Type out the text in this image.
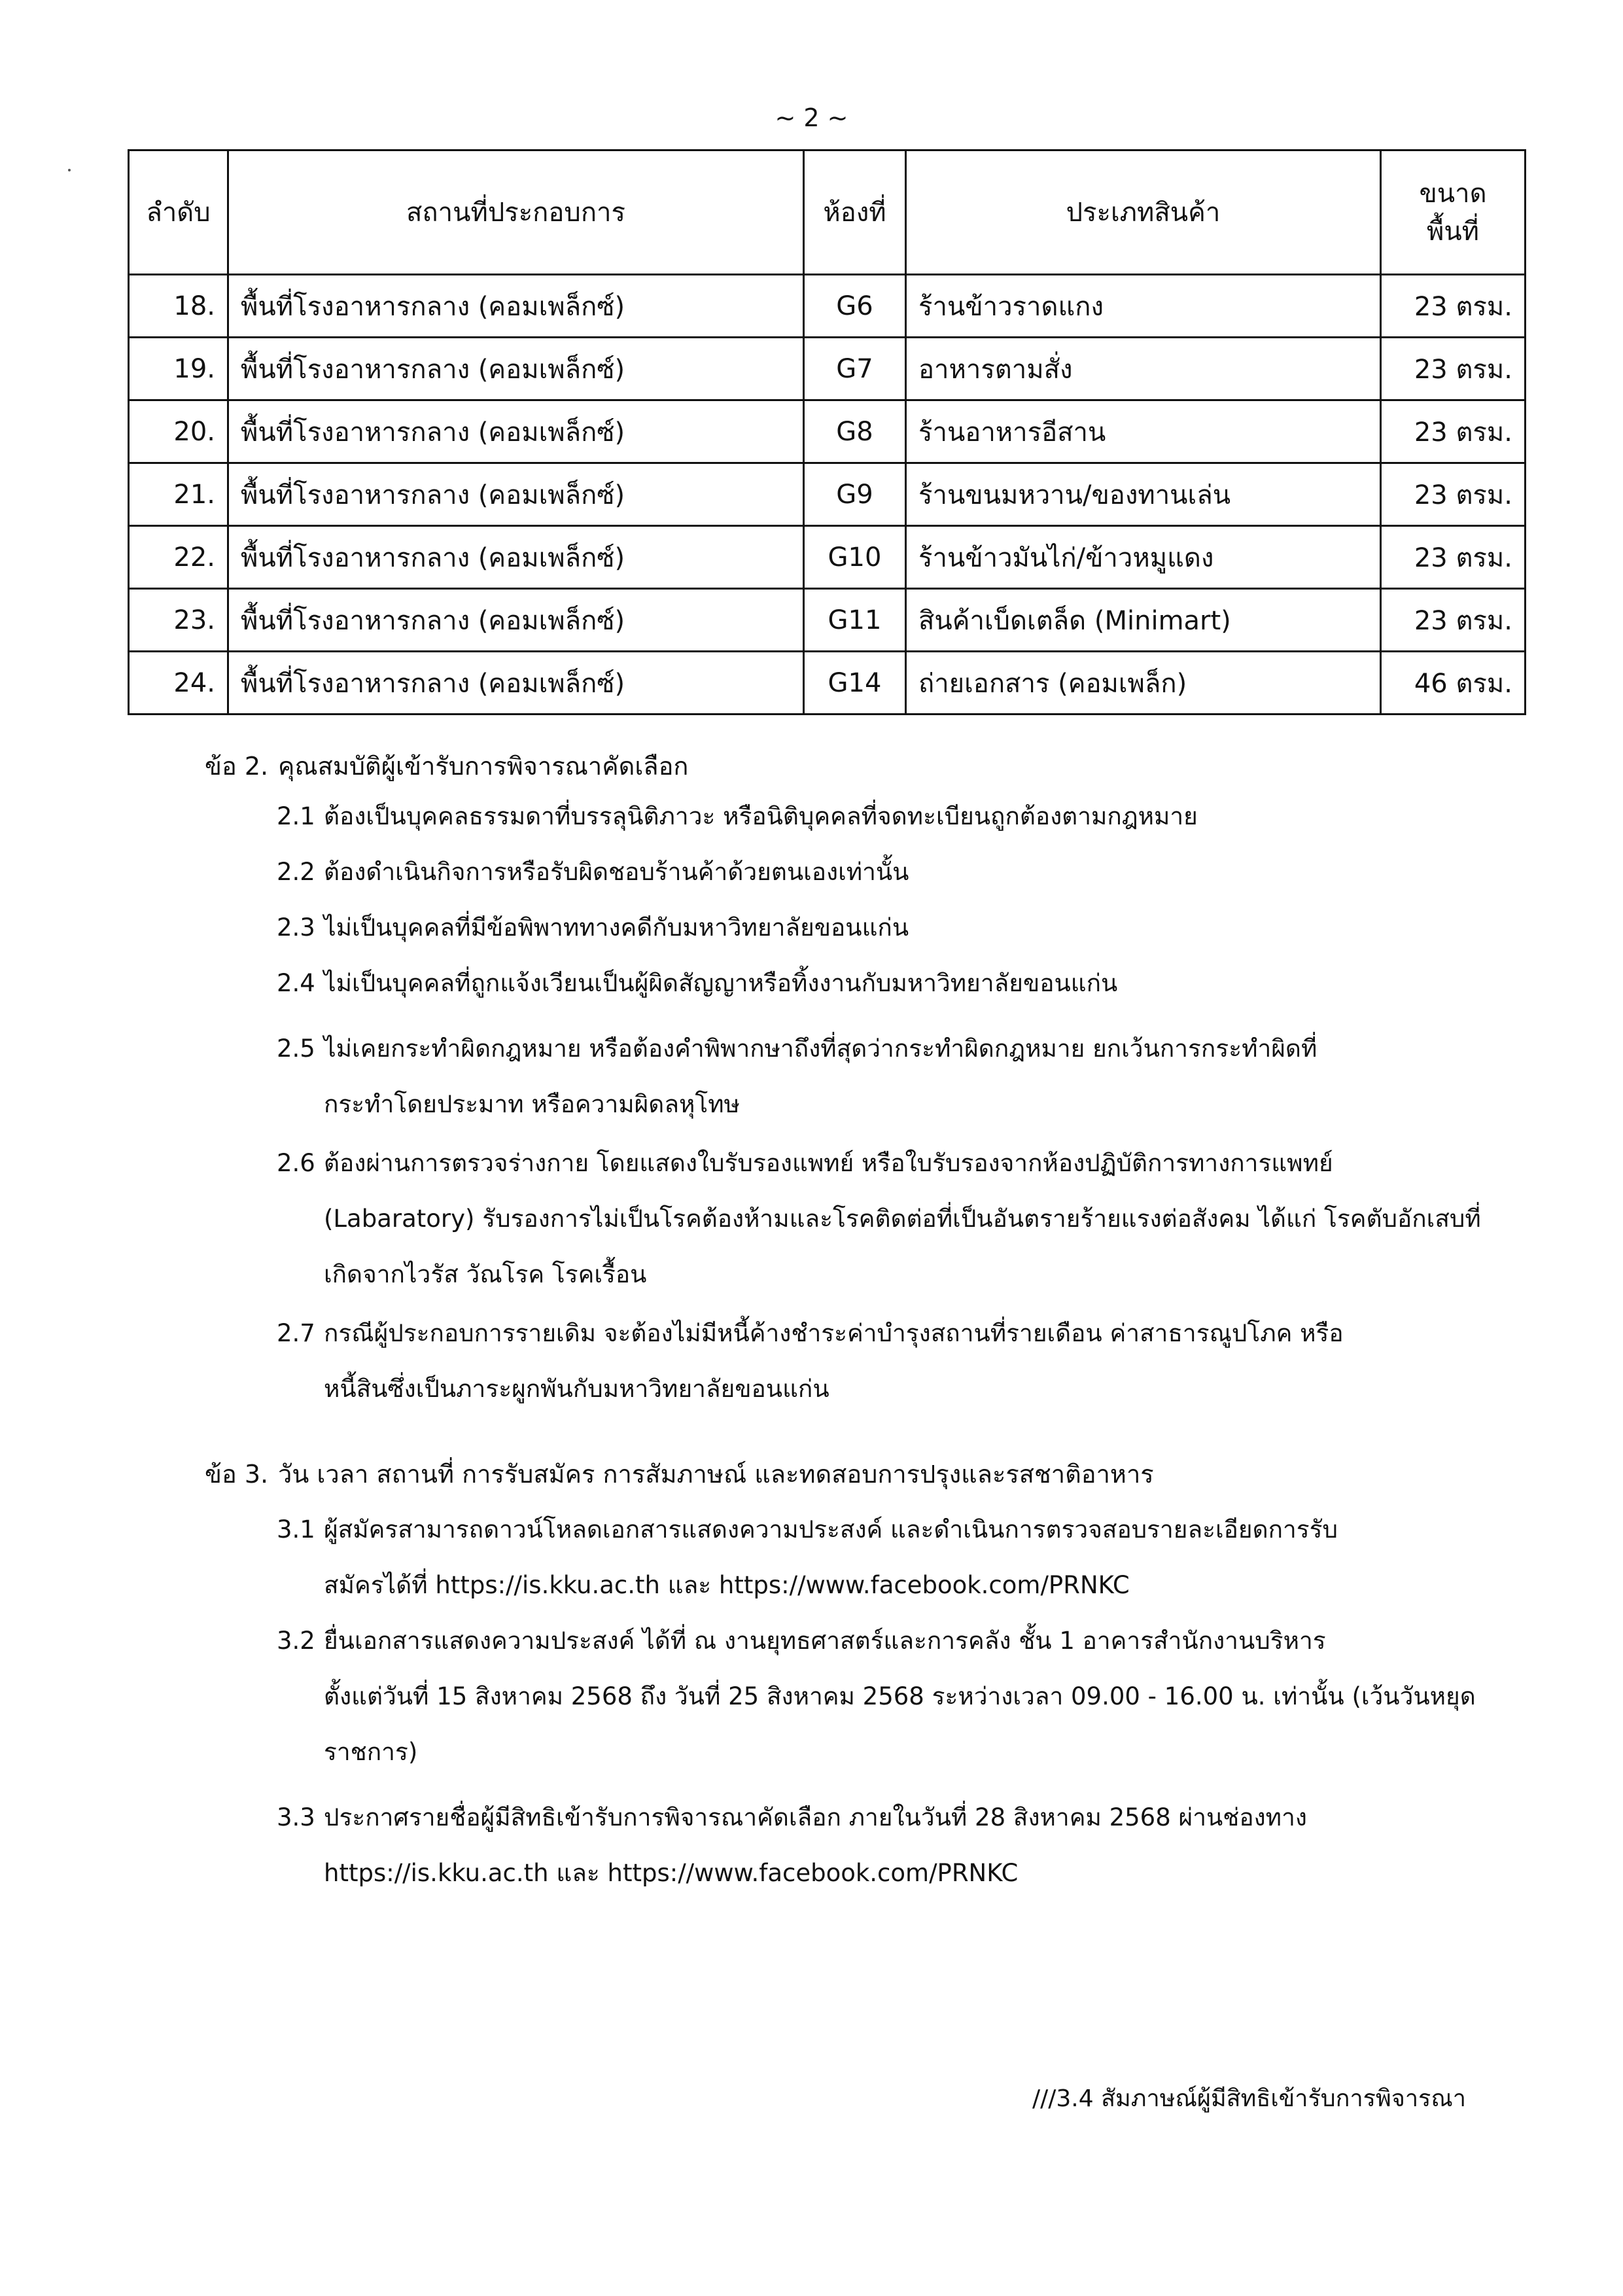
~ 2 ~
ลำดับ	สถานที่ประกอบการ	ห้องที่	ประเภทสินค้า	ขนาด
พื้นที่
18.	พื้นที่โรงอาหารกลาง (คอมเพล็กซ์)	G6	ร้านข้าวราดแกง	23 ตรม.
19.	พื้นที่โรงอาหารกลาง (คอมเพล็กซ์)	G7	อาหารตามสั่ง	23 ตรม.
20.	พื้นที่โรงอาหารกลาง (คอมเพล็กซ์)	G8	ร้านอาหารอีสาน	23 ตรม.
21.	พื้นที่โรงอาหารกลาง (คอมเพล็กซ์)	G9	ร้านขนมหวาน/ของทานเล่น	23 ตรม.
22.	พื้นที่โรงอาหารกลาง (คอมเพล็กซ์)	G10	ร้านข้าวมันไก่/ข้าวหมูแดง	23 ตรม.
23.	พื้นที่โรงอาหารกลาง (คอมเพล็กซ์)	G11	สินค้าเบ็ดเตล็ด (Minimart)	23 ตรม.
24.	พื้นที่โรงอาหารกลาง (คอมเพล็กซ์)	G14	ถ่ายเอกสาร (คอมเพล็ก)	46 ตรม.
ข้อ 2. คุณสมบัติผู้เข้ารับการพิจารณาคัดเลือก
2.1 ต้องเป็นบุคคลธรรมดาที่บรรลุนิติภาวะ หรือนิติบุคคลที่จดทะเบียนถูกต้องตามกฎหมาย
2.2 ต้องดำเนินกิจการหรือรับผิดชอบร้านค้าด้วยตนเองเท่านั้น
2.3 ไม่เป็นบุคคลที่มีข้อพิพาททางคดีกับมหาวิทยาลัยขอนแก่น
2.4 ไม่เป็นบุคคลที่ถูกแจ้งเวียนเป็นผู้ผิดสัญญาหรือทิ้งงานกับมหาวิทยาลัยขอนแก่น
2.5 ไม่เคยกระทำผิดกฎหมาย หรือต้องคำพิพากษาถึงที่สุดว่ากระทำผิดกฎหมาย ยกเว้นการกระทำผิดที่
กระทำโดยประมาท หรือความผิดลหุโทษ
2.6 ต้องผ่านการตรวจร่างกาย โดยแสดงใบรับรองแพทย์ หรือใบรับรองจากห้องปฏิบัติการทางการแพทย์
(Labaratory) รับรองการไม่เป็นโรคต้องห้ามและโรคติดต่อที่เป็นอันตรายร้ายแรงต่อสังคม ได้แก่ โรคตับอักเสบที่เกิดจากไวรัส วัณโรค โรคเรื้อน
2.7 กรณีผู้ประกอบการรายเดิม จะต้องไม่มีหนี้ค้างชำระค่าบำรุงสถานที่รายเดือน ค่าสาธารณูปโภค หรือ
หนี้สินซึ่งเป็นภาระผูกพันกับมหาวิทยาลัยขอนแก่น
ข้อ 3. วัน เวลา สถานที่ การรับสมัคร การสัมภาษณ์ และทดสอบการปรุงและรสชาติอาหาร
3.1 ผู้สมัครสามารถดาวน์โหลดเอกสารแสดงความประสงค์ และดำเนินการตรวจสอบรายละเอียดการรับ
สมัครได้ที่ https://is.kku.ac.th และ https://www.facebook.com/PRNKC
3.2 ยื่นเอกสารแสดงความประสงค์ ได้ที่ ณ งานยุทธศาสตร์และการคลัง ชั้น 1 อาคารสำนักงานบริหาร
ตั้งแต่วันที่ 15 สิงหาคม 2568 ถึง วันที่ 25 สิงหาคม 2568 ระหว่างเวลา 09.00 - 16.00 น. เท่านั้น (เว้นวันหยุดราชการ)
3.3 ประกาศรายชื่อผู้มีสิทธิเข้ารับการพิจารณาคัดเลือก ภายในวันที่ 28 สิงหาคม 2568 ผ่านช่องทาง
https://is.kku.ac.th และ https://www.facebook.com/PRNKC
///3.4 สัมภาษณ์ผู้มีสิทธิเข้ารับการพิจารณา
